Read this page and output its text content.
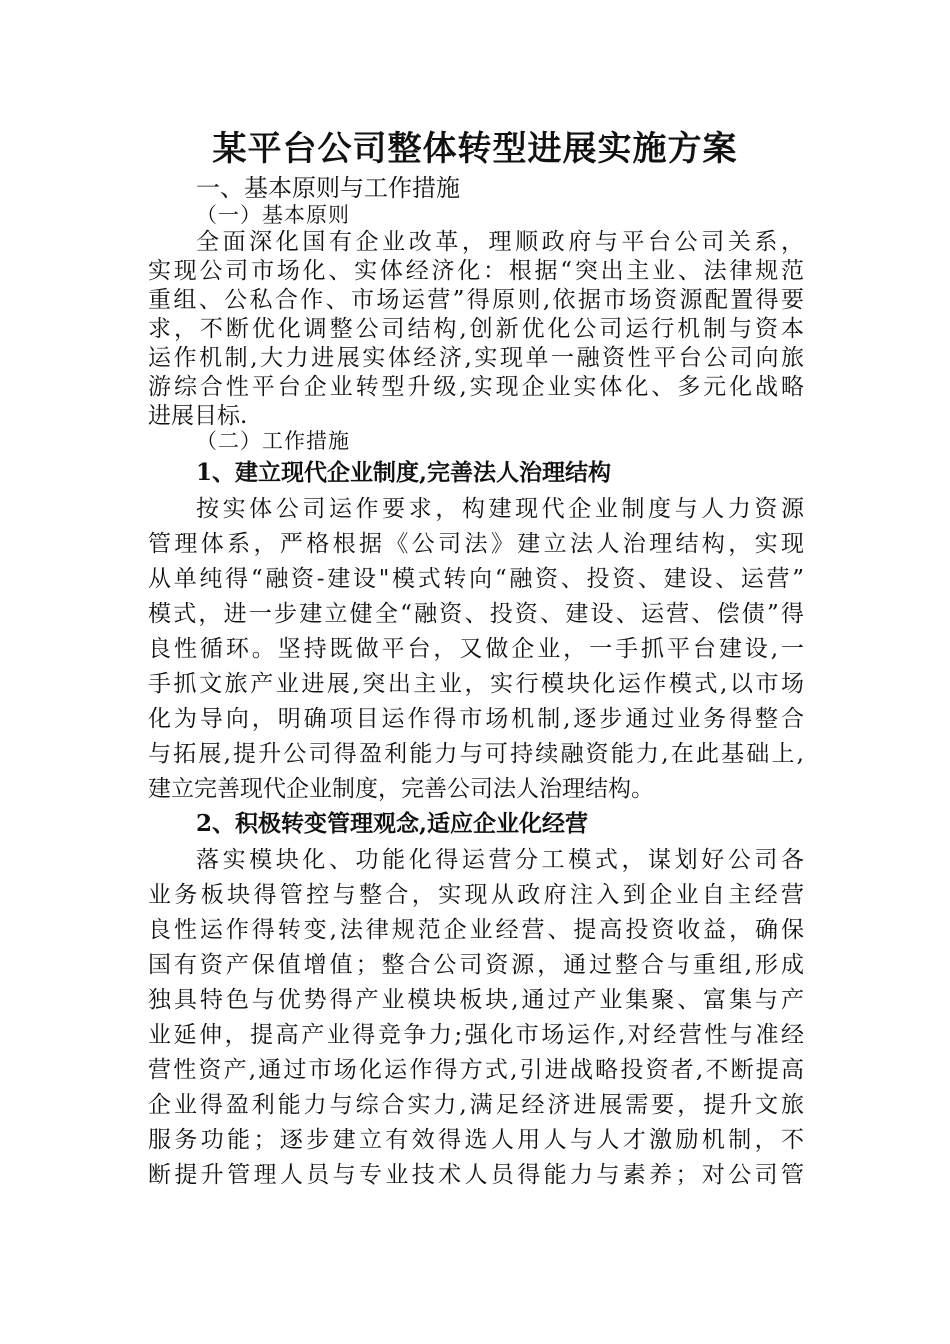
某平台公司整体转型进展实施方案
一、基本原则与工作措施
（一）基本原则
全面深化国有企业改革，理顺政府与平台公司关系，
实现公司市场化、实体经济化：根据“突出主业、法律规范
重组、公私合作、市场运营”得原则,依据市场资源配置得要
求，不断优化调整公司结构,创新优化公司运行机制与资本
运作机制,大力进展实体经济,实现单一融资性平台公司向旅
游综合性平台企业转型升级,实现企业实体化、多元化战略
进展目标.
（二）工作措施
1、建立现代企业制度,完善法人治理结构
按实体公司运作要求，构建现代企业制度与人力资源
管理体系，严格根据《公司法》建立法人治理结构，实现
从单纯得“融资-建设"模式转向“融资、投资、建设、运营”
模式，进一步建立健全“融资、投资、建设、运营、偿债”得
良性循环。坚持既做平台，又做企业，一手抓平台建设,一
手抓文旅产业进展,突出主业，实行模块化运作模式,以市场
化为导向，明确项目运作得市场机制,逐步通过业务得整合
与拓展,提升公司得盈利能力与可持续融资能力,在此基础上,
建立完善现代企业制度，完善公司法人治理结构。
2、积极转变管理观念,适应企业化经营
落实模块化、功能化得运营分工模式，谋划好公司各
业务板块得管控与整合，实现从政府注入到企业自主经营
良性运作得转变,法律规范企业经营、提高投资收益，确保
国有资产保值增值；整合公司资源，通过整合与重组,形成
独具特色与优势得产业模块板块,通过产业集聚、富集与产
业延伸，提高产业得竞争力;强化市场运作,对经营性与准经
营性资产,通过市场化运作得方式,引进战略投资者,不断提高
企业得盈利能力与综合实力,满足经济进展需要，提升文旅
服务功能；逐步建立有效得选人用人与人才激励机制，不
断提升管理人员与专业技术人员得能力与素养；对公司管
